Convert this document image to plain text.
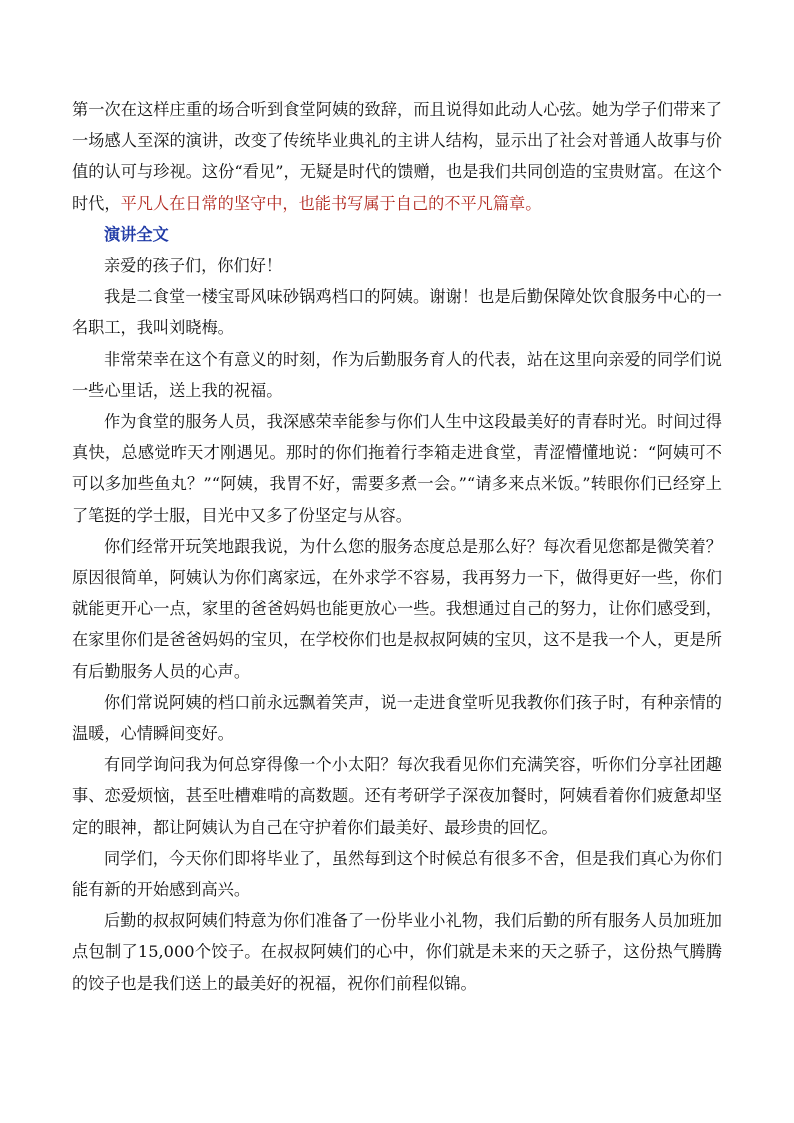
第一次在这样庄重的场合听到食堂阿姨的致辞，而且说得如此动人心弦。她为学子们带来了一场感人至深的演讲，改变了传统毕业典礼的主讲人结构，显示出了社会对普通人故事与价值的认可与珍视。这份“看见”，无疑是时代的馈赠，也是我们共同创造的宝贵财富。在这个时代，平凡人在日常的坚守中，也能书写属于自己的不平凡篇章。

演讲全文

亲爱的孩子们，你们好！

我是二食堂一楼宝哥风味砂锅鸡档口的阿姨。谢谢！也是后勤保障处饮食服务中心的一名职工，我叫刘晓梅。

非常荣幸在这个有意义的时刻，作为后勤服务育人的代表，站在这里向亲爱的同学们说一些心里话，送上我的祝福。

作为食堂的服务人员，我深感荣幸能参与你们人生中这段最美好的青春时光。时间过得真快，总感觉昨天才刚遇见。那时的你们拖着行李箱走进食堂，青涩懵懂地说：“阿姨可不可以多加些鱼丸？”“阿姨，我胃不好，需要多煮一会。”“请多来点米饭。”转眼你们已经穿上了笔挺的学士服，目光中又多了份坚定与从容。

你们经常开玩笑地跟我说，为什么您的服务态度总是那么好？每次看见您都是微笑着？原因很简单，阿姨认为你们离家远，在外求学不容易，我再努力一下，做得更好一些，你们就能更开心一点，家里的爸爸妈妈也能更放心一些。我想通过自己的努力，让你们感受到，在家里你们是爸爸妈妈的宝贝，在学校你们也是叔叔阿姨的宝贝，这不是我一个人，更是所有后勤服务人员的心声。

你们常说阿姨的档口前永远飘着笑声，说一走进食堂听见我教你们孩子时，有种亲情的温暖，心情瞬间变好。

有同学询问我为何总穿得像一个小太阳？每次我看见你们充满笑容，听你们分享社团趣事、恋爱烦恼，甚至吐槽难啃的高数题。还有考研学子深夜加餐时，阿姨看着你们疲惫却坚定的眼神，都让阿姨认为自己在守护着你们最美好、最珍贵的回忆。

同学们，今天你们即将毕业了，虽然每到这个时候总有很多不舍，但是我们真心为你们能有新的开始感到高兴。

后勤的叔叔阿姨们特意为你们准备了一份毕业小礼物，我们后勤的所有服务人员加班加点包制了15,000个饺子。在叔叔阿姨们的心中，你们就是未来的天之骄子，这份热气腾腾的饺子也是我们送上的最美好的祝福，祝你们前程似锦。
